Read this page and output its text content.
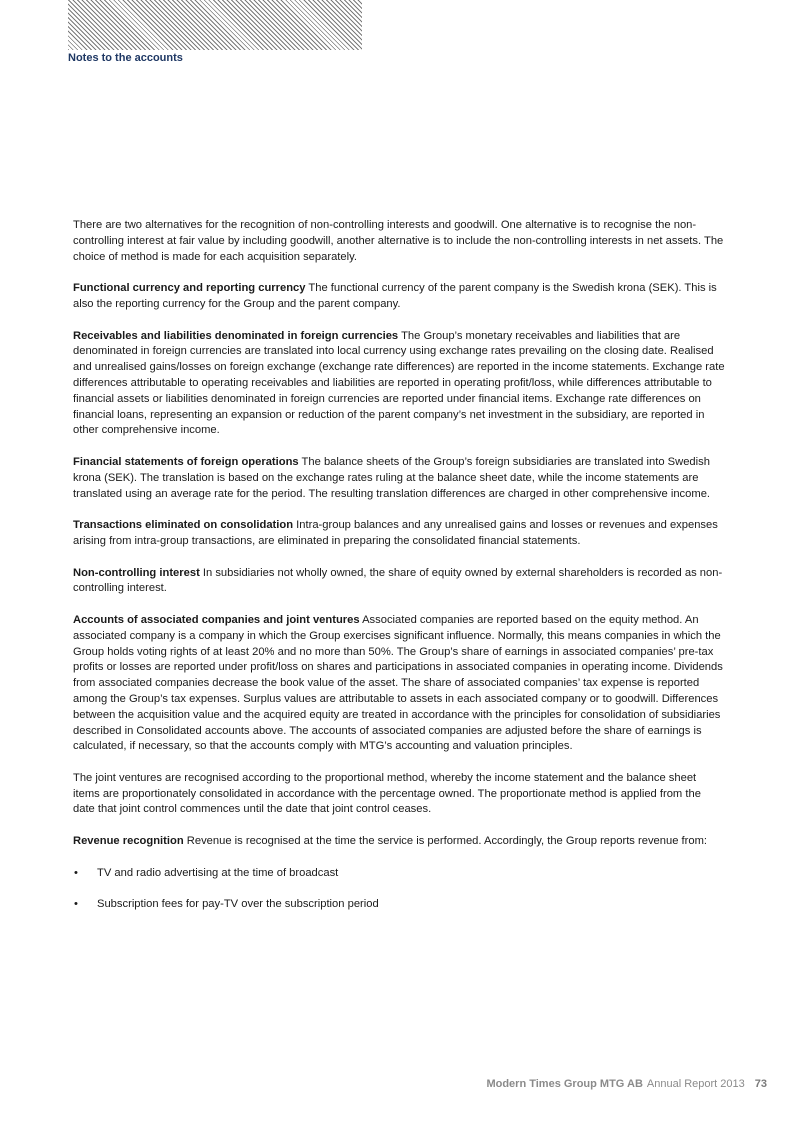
Notes to the accounts

There are two alternatives for the recognition of non-controlling interests and goodwill. One alternative is to recognise the non-controlling interest at fair value by including goodwill, another alternative is to include the non-controlling interests in net assets. The choice of method is made for each acquisition separately.

Functional currency and reporting currency The functional currency of the parent company is the Swedish krona (SEK). This is also the reporting currency for the Group and the parent company.

Receivables and liabilities denominated in foreign currencies The Group’s monetary receivables and liabilities that are denominated in foreign currencies are translated into local currency using exchange rates prevailing on the closing date. Realised and unrealised gains/losses on foreign exchange (exchange rate differences) are reported in the income statements. Exchange rate differences attributable to operating receivables and liabilities are reported in operating profit/loss, while differences attributable to financial assets or liabilities denominated in foreign currencies are reported under financial items. Exchange rate differences on financial loans, representing an expansion or reduction of the parent company’s net investment in the subsidiary, are reported in other comprehensive income.

Financial statements of foreign operations The balance sheets of the Group’s foreign subsidiaries are translated into Swedish krona (SEK). The translation is based on the exchange rates ruling at the balance sheet date, while the income statements are translated using an average rate for the period. The resulting translation differences are charged in other comprehensive income.

Transactions eliminated on consolidation Intra-group balances and any unrealised gains and losses or revenues and expenses arising from intra-group transactions, are eliminated in preparing the consolidated financial statements.

Non-controlling interest In subsidiaries not wholly owned, the share of equity owned by external shareholders is recorded as non-controlling interest.

Accounts of associated companies and joint ventures Associated companies are reported based on the equity method. An associated company is a company in which the Group exercises significant influence. Normally, this means companies in which the Group holds voting rights of at least 20% and no more than 50%. The Group’s share of earnings in associated companies’ pre-tax profits or losses are reported under profit/loss on shares and participations in associated companies in operating income. Dividends from associated companies decrease the book value of the asset. The share of associated companies’ tax expense is reported among the Group’s tax expenses. Surplus values are attributable to assets in each associated company or to goodwill. Differences between the acquisition value and the acquired equity are treated in accordance with the principles for consolidation of subsidiaries described in Consolidated accounts above. The accounts of associated companies are adjusted before the share of earnings is calculated, if necessary, so that the accounts comply with MTG’s accounting and valuation principles.

The joint ventures are recognised according to the proportional method, whereby the income statement and the balance sheet items are proportionately consolidated in accordance with the percentage owned. The proportionate method is applied from the date that joint control commences until the date that joint control ceases.

Revenue recognition Revenue is recognised at the time the service is performed. Accordingly, the Group reports revenue from:

• TV and radio advertising at the time of broadcast
• Subscription fees for pay-TV over the subscription period
Modern Times Group MTG AB Annual Report 2013 73
